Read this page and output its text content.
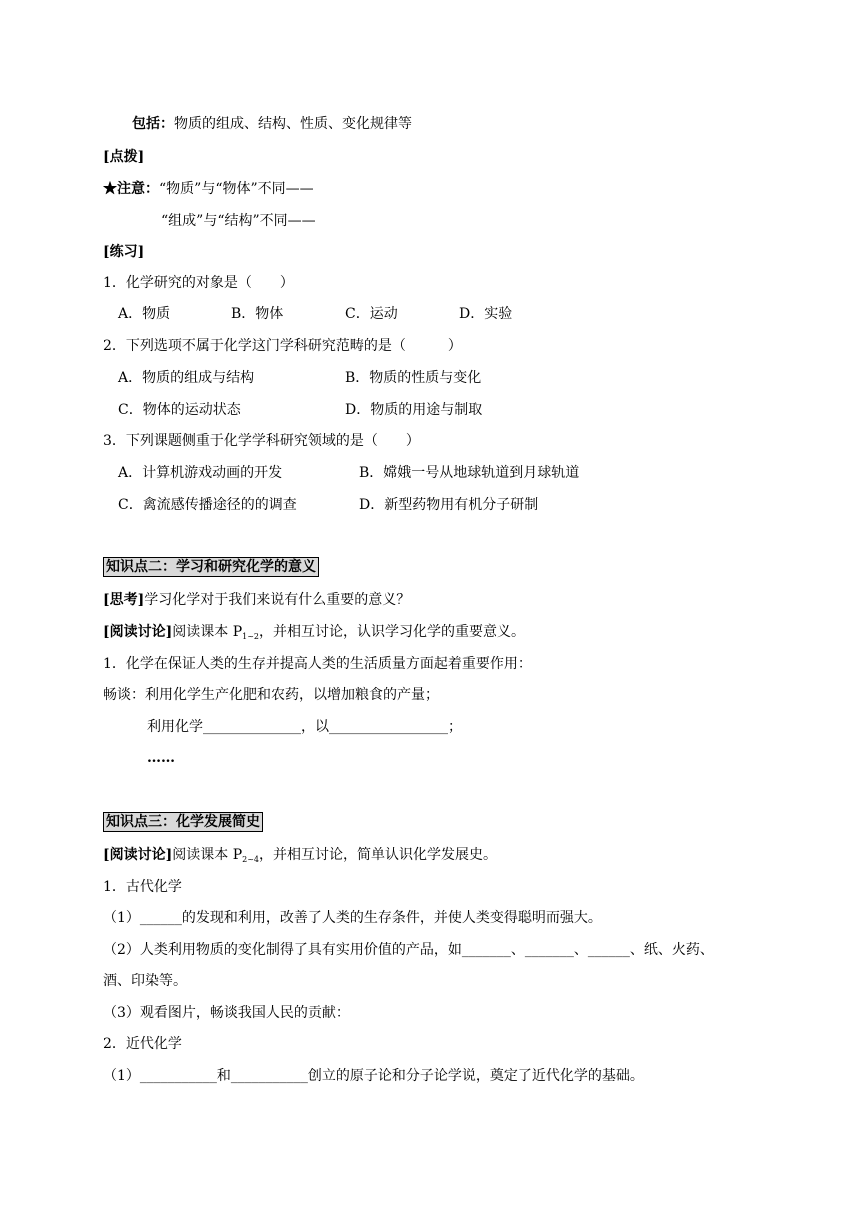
包括：物质的组成、结构、性质、变化规律等
[点拨]
★注意：“物质”与“物体”不同——
“组成”与“结构”不同——
[练习]
1．化学研究的对象是（　　）
A．物质	B．物体	C．运动	D．实验
2．下列选项不属于化学这门学科研究范畴的是（　　　）
A．物质的组成与结构	B．物质的性质与变化
C．物体的运动状态	D．物质的用途与制取
3．下列课题侧重于化学学科研究领域的是（　　）
A．计算机游戏动画的开发	B．嫦娥一号从地球轨道到月球轨道
C．禽流感传播途径的的调查	D．新型药物用有机分子研制
知识点二：学习和研究化学的意义
[思考]学习化学对于我们来说有什么重要的意义？
[阅读讨论]阅读课本 $P_{1\sim 2}$，并相互讨论，认识学习化学的重要意义。
1．化学在保证人类的生存并提高人类的生活质量方面起着重要作用：
畅谈：利用化学生产化肥和农药，以增加粮食的产量；
利用化学______________，以_________________；
……
知识点三：化学发展简史
[阅读讨论]阅读课本 $P_{2\sim 4}$，并相互讨论，简单认识化学发展史。
1．古代化学
（1）______的发现和利用，改善了人类的生存条件，并使人类变得聪明而强大。
（2）人类利用物质的变化制得了具有实用价值的产品，如_______、_______、______、纸、火药、
酒、印染等。
（3）观看图片，畅谈我国人民的贡献：
2．近代化学
（1）___________和___________创立的原子论和分子论学说，奠定了近代化学的基础。
